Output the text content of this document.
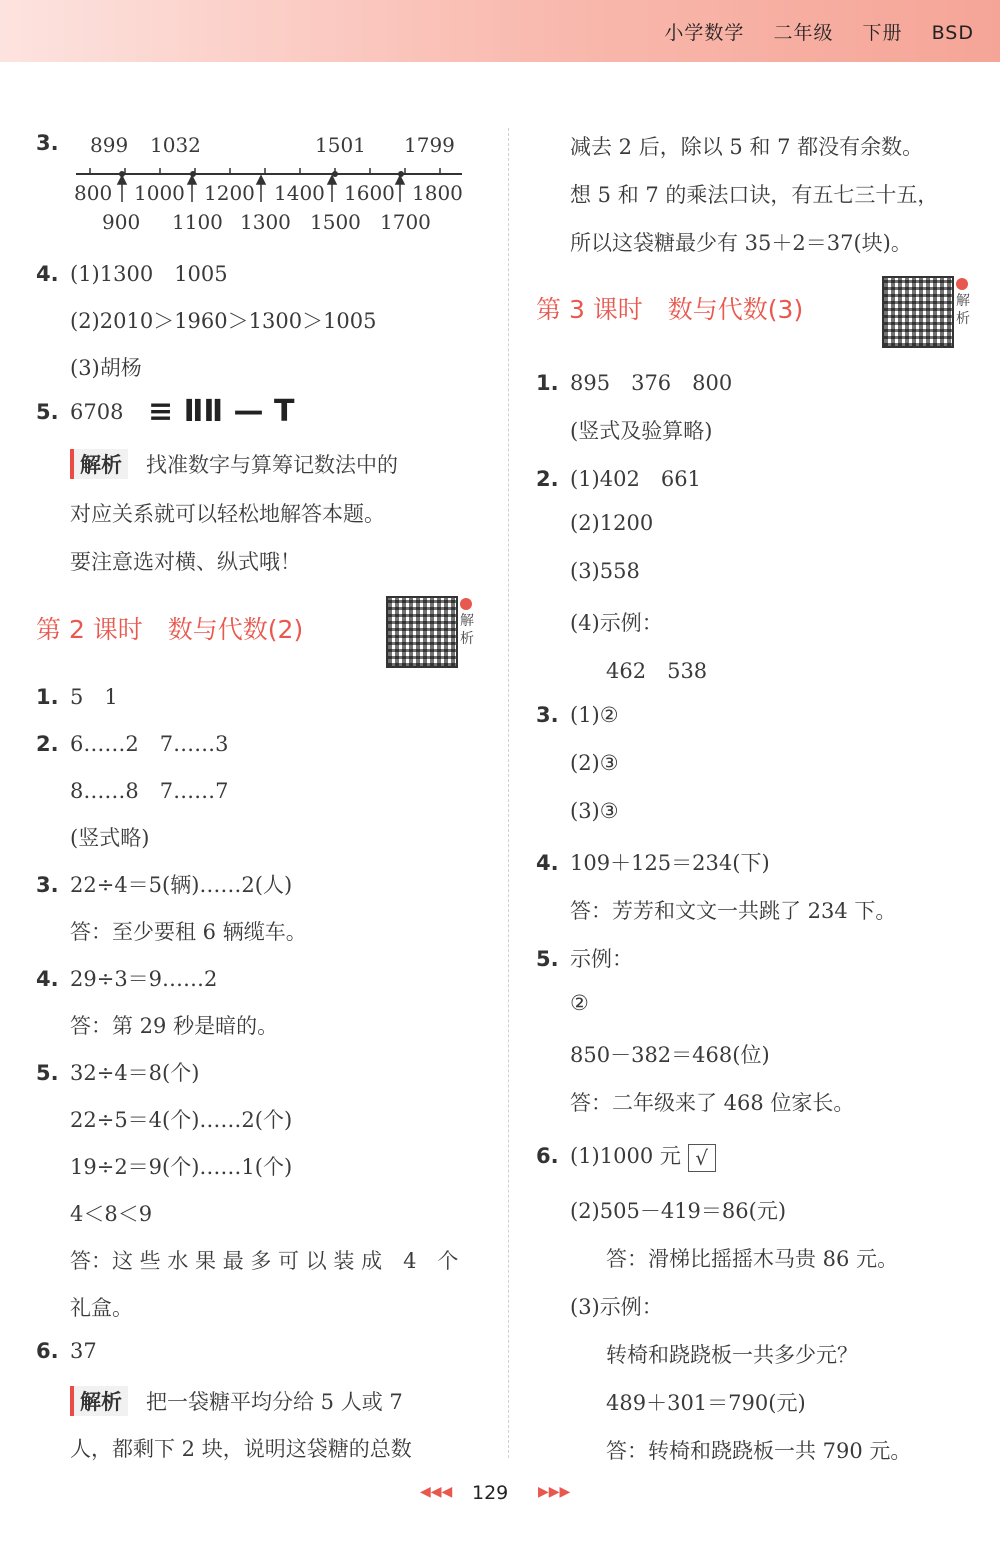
小学数学 二年级 下册 BSD
3.	899 1032	1501 1799
800 1000 1200 1400 1600 1800
900 1100 1300 1500 1700
4. (1)1300　1005
(2)2010＞1960＞1300＞1005
(3)胡杨
5. 6708 ≡ ⅡⅡ — T
解析 找准数字与算筹记数法中的
对应关系就可以轻松地解答本题。
要注意选对横、纵式哦！
第 2 课时　数与代数(2)	解析
1. 5　1
2. 6……2　7……3
8……8　7……7
(竖式略)
3. 22÷4＝5(辆)……2(人)
答：至少要租 6 辆缆车。
4. 29÷3＝9……2
答：第 29 秒是暗的。
5. 32÷4＝8(个)
22÷5＝4(个)……2(个)
19÷2＝9(个)……1(个)
4＜8＜9
答：这 些 水 果 最 多 可 以 装 成　4　个
礼盒。
6. 37
解析 把一袋糖平均分给 5 人或 7
人，都剩下 2 块，说明这袋糖的总数
减去 2 后，除以 5 和 7 都没有余数。
想 5 和 7 的乘法口诀，有五七三十五，
所以这袋糖最少有 35＋2＝37(块)。
第 3 课时　数与代数(3)	解析
1. 895　376　800
(竖式及验算略)
2. (1)402　661
(2)1200
(3)558
(4)示例：
462　538
3. (1)②
(2)③
(3)③
4. 109＋125＝234(下)
答：芳芳和文文一共跳了 234 下。
5. 示例：
②
850－382＝468(位)
答：二年级来了 468 位家长。
6. (1)1000 元 √
(2)505－419＝86(元)
答：滑梯比摇摇木马贵 86 元。
(3)示例：
转椅和跷跷板一共多少元？
489＋301＝790(元)
答：转椅和跷跷板一共 790 元。
◀◀◀ 129 ▶▶▶
